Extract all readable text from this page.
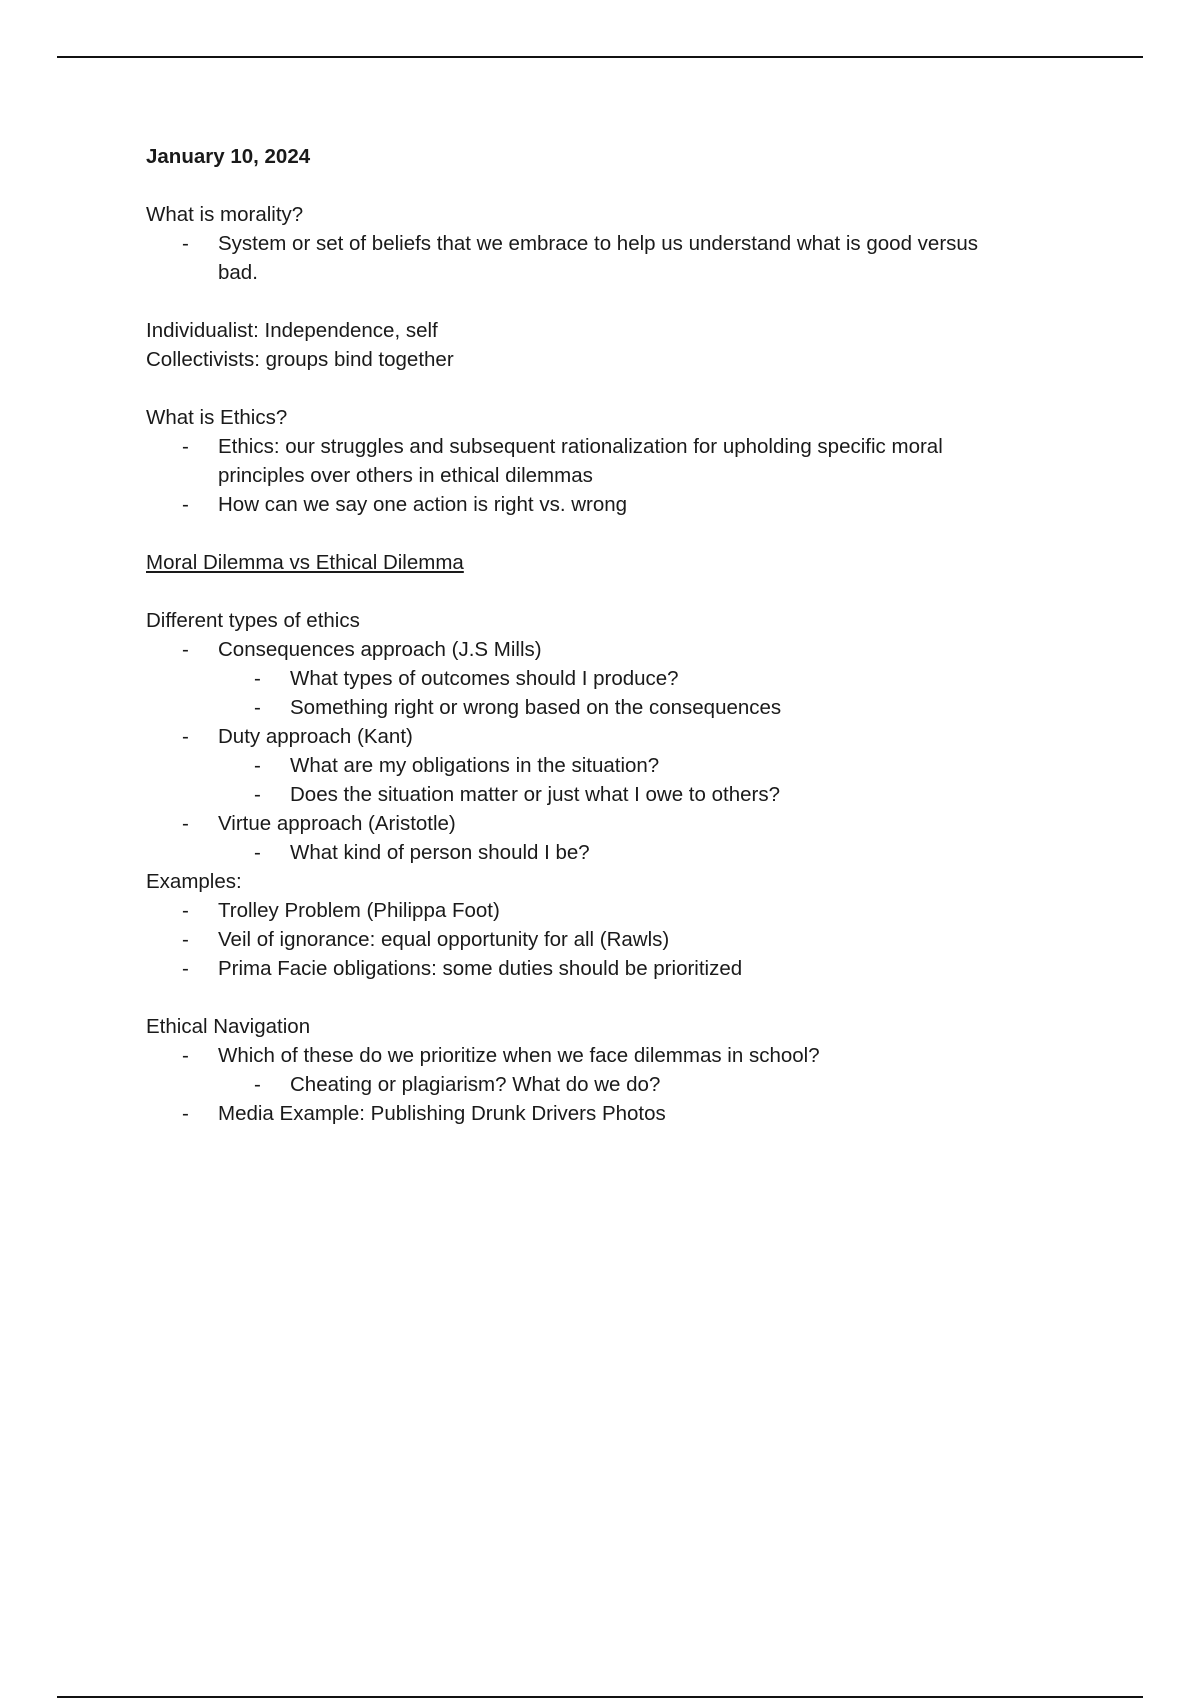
January 10, 2024
What is morality?
- System or set of beliefs that we embrace to help us understand what is good versus bad.
Individualist: Independence, self
Collectivists: groups bind together
What is Ethics?
- Ethics: our struggles and subsequent rationalization for upholding specific moral principles over others in ethical dilemmas
- How can we say one action is right vs. wrong
Moral Dilemma vs Ethical Dilemma
Different types of ethics
- Consequences approach (J.S Mills)
- What types of outcomes should I produce?
- Something right or wrong based on the consequences
- Duty approach (Kant)
- What are my obligations in the situation?
- Does the situation matter or just what I owe to others?
- Virtue approach (Aristotle)
- What kind of person should I be?
Examples:
- Trolley Problem (Philippa Foot)
- Veil of ignorance: equal opportunity for all (Rawls)
- Prima Facie obligations: some duties should be prioritized
Ethical Navigation
- Which of these do we prioritize when we face dilemmas in school?
- Cheating or plagiarism? What do we do?
- Media Example: Publishing Drunk Drivers Photos
